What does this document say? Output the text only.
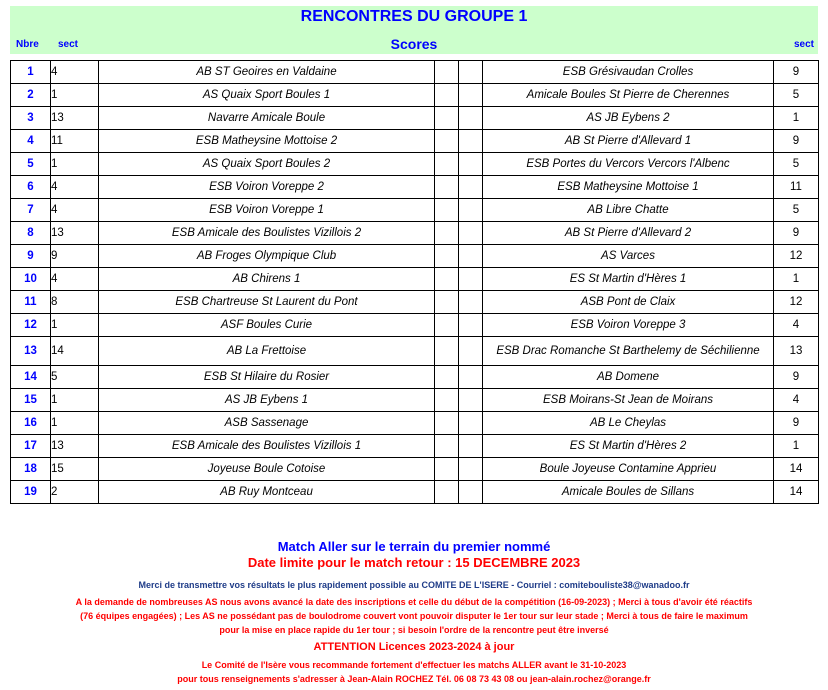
RENCONTRES DU GROUPE 1
Nbre sect	Scores	sect
1	4	AB ST Geoires en Valdaine			ESB Grésivaudan Crolles	9
2	1	AS Quaix Sport Boules 1			Amicale Boules St Pierre de Cherennes	5
3	13	Navarre Amicale Boule			AS JB Eybens 2	1
4	11	ESB Matheysine Mottoise 2			AB St Pierre d'Allevard 1	9
5	1	AS Quaix Sport Boules 2			ESB Portes du Vercors Vercors l'Albenc	5
6	4	ESB Voiron Voreppe 2			ESB Matheysine Mottoise 1	11
7	4	ESB Voiron Voreppe 1			AB Libre Chatte	5
8	13	ESB Amicale des Boulistes Vizillois 2			AB St Pierre d'Allevard 2	9
9	9	AB Froges Olympique Club			AS Varces	12
10	4	AB Chirens 1			ES St Martin d'Hères 1	1
11	8	ESB Chartreuse St Laurent du Pont			ASB Pont de Claix	12
12	1	ASF Boules Curie			ESB Voiron Voreppe 3	4
13	14	AB La Frettoise			ESB Drac Romanche St Barthelemy de Séchilienne	13
14	5	ESB St Hilaire du Rosier			AB Domene	9
15	1	AS JB Eybens 1			ESB Moirans-St Jean de Moirans	4
16	1	ASB Sassenage			AB Le Cheylas	9
17	13	ESB Amicale des Boulistes Vizillois 1			ES St Martin d'Hères 2	1
18	15	Joyeuse Boule Cotoise			Boule Joyeuse Contamine Apprieu	14
19	2	AB Ruy Montceau			Amicale Boules de Sillans	14
Match Aller sur le terrain du premier nommé
Date limite pour le match retour : 15 DECEMBRE 2023
Merci de transmettre vos résultats le plus rapidement possible au COMITE DE L'ISERE - Courriel : comitebouliste38@wanadoo.fr
A la demande de nombreuses AS nous avons avancé la date des inscriptions et celle du début de la compétition (16-09-2023) ; Merci à tous d'avoir été réactifs
(76 équipes engagées) ; Les AS ne possédant pas de boulodrome couvert vont pouvoir disputer le 1er tour sur leur stade ; Merci à tous de faire le maximum
pour la mise en place rapide du 1er tour ; si besoin l'ordre de la rencontre peut être inversé
ATTENTION Licences 2023-2024 à jour
Le Comité de l'Isère vous recommande fortement d'effectuer les matchs ALLER avant le 31-10-2023
pour tous renseignements s'adresser à Jean-Alain ROCHEZ Tél. 06 08 73 43 08 ou jean-alain.rochez@orange.fr
